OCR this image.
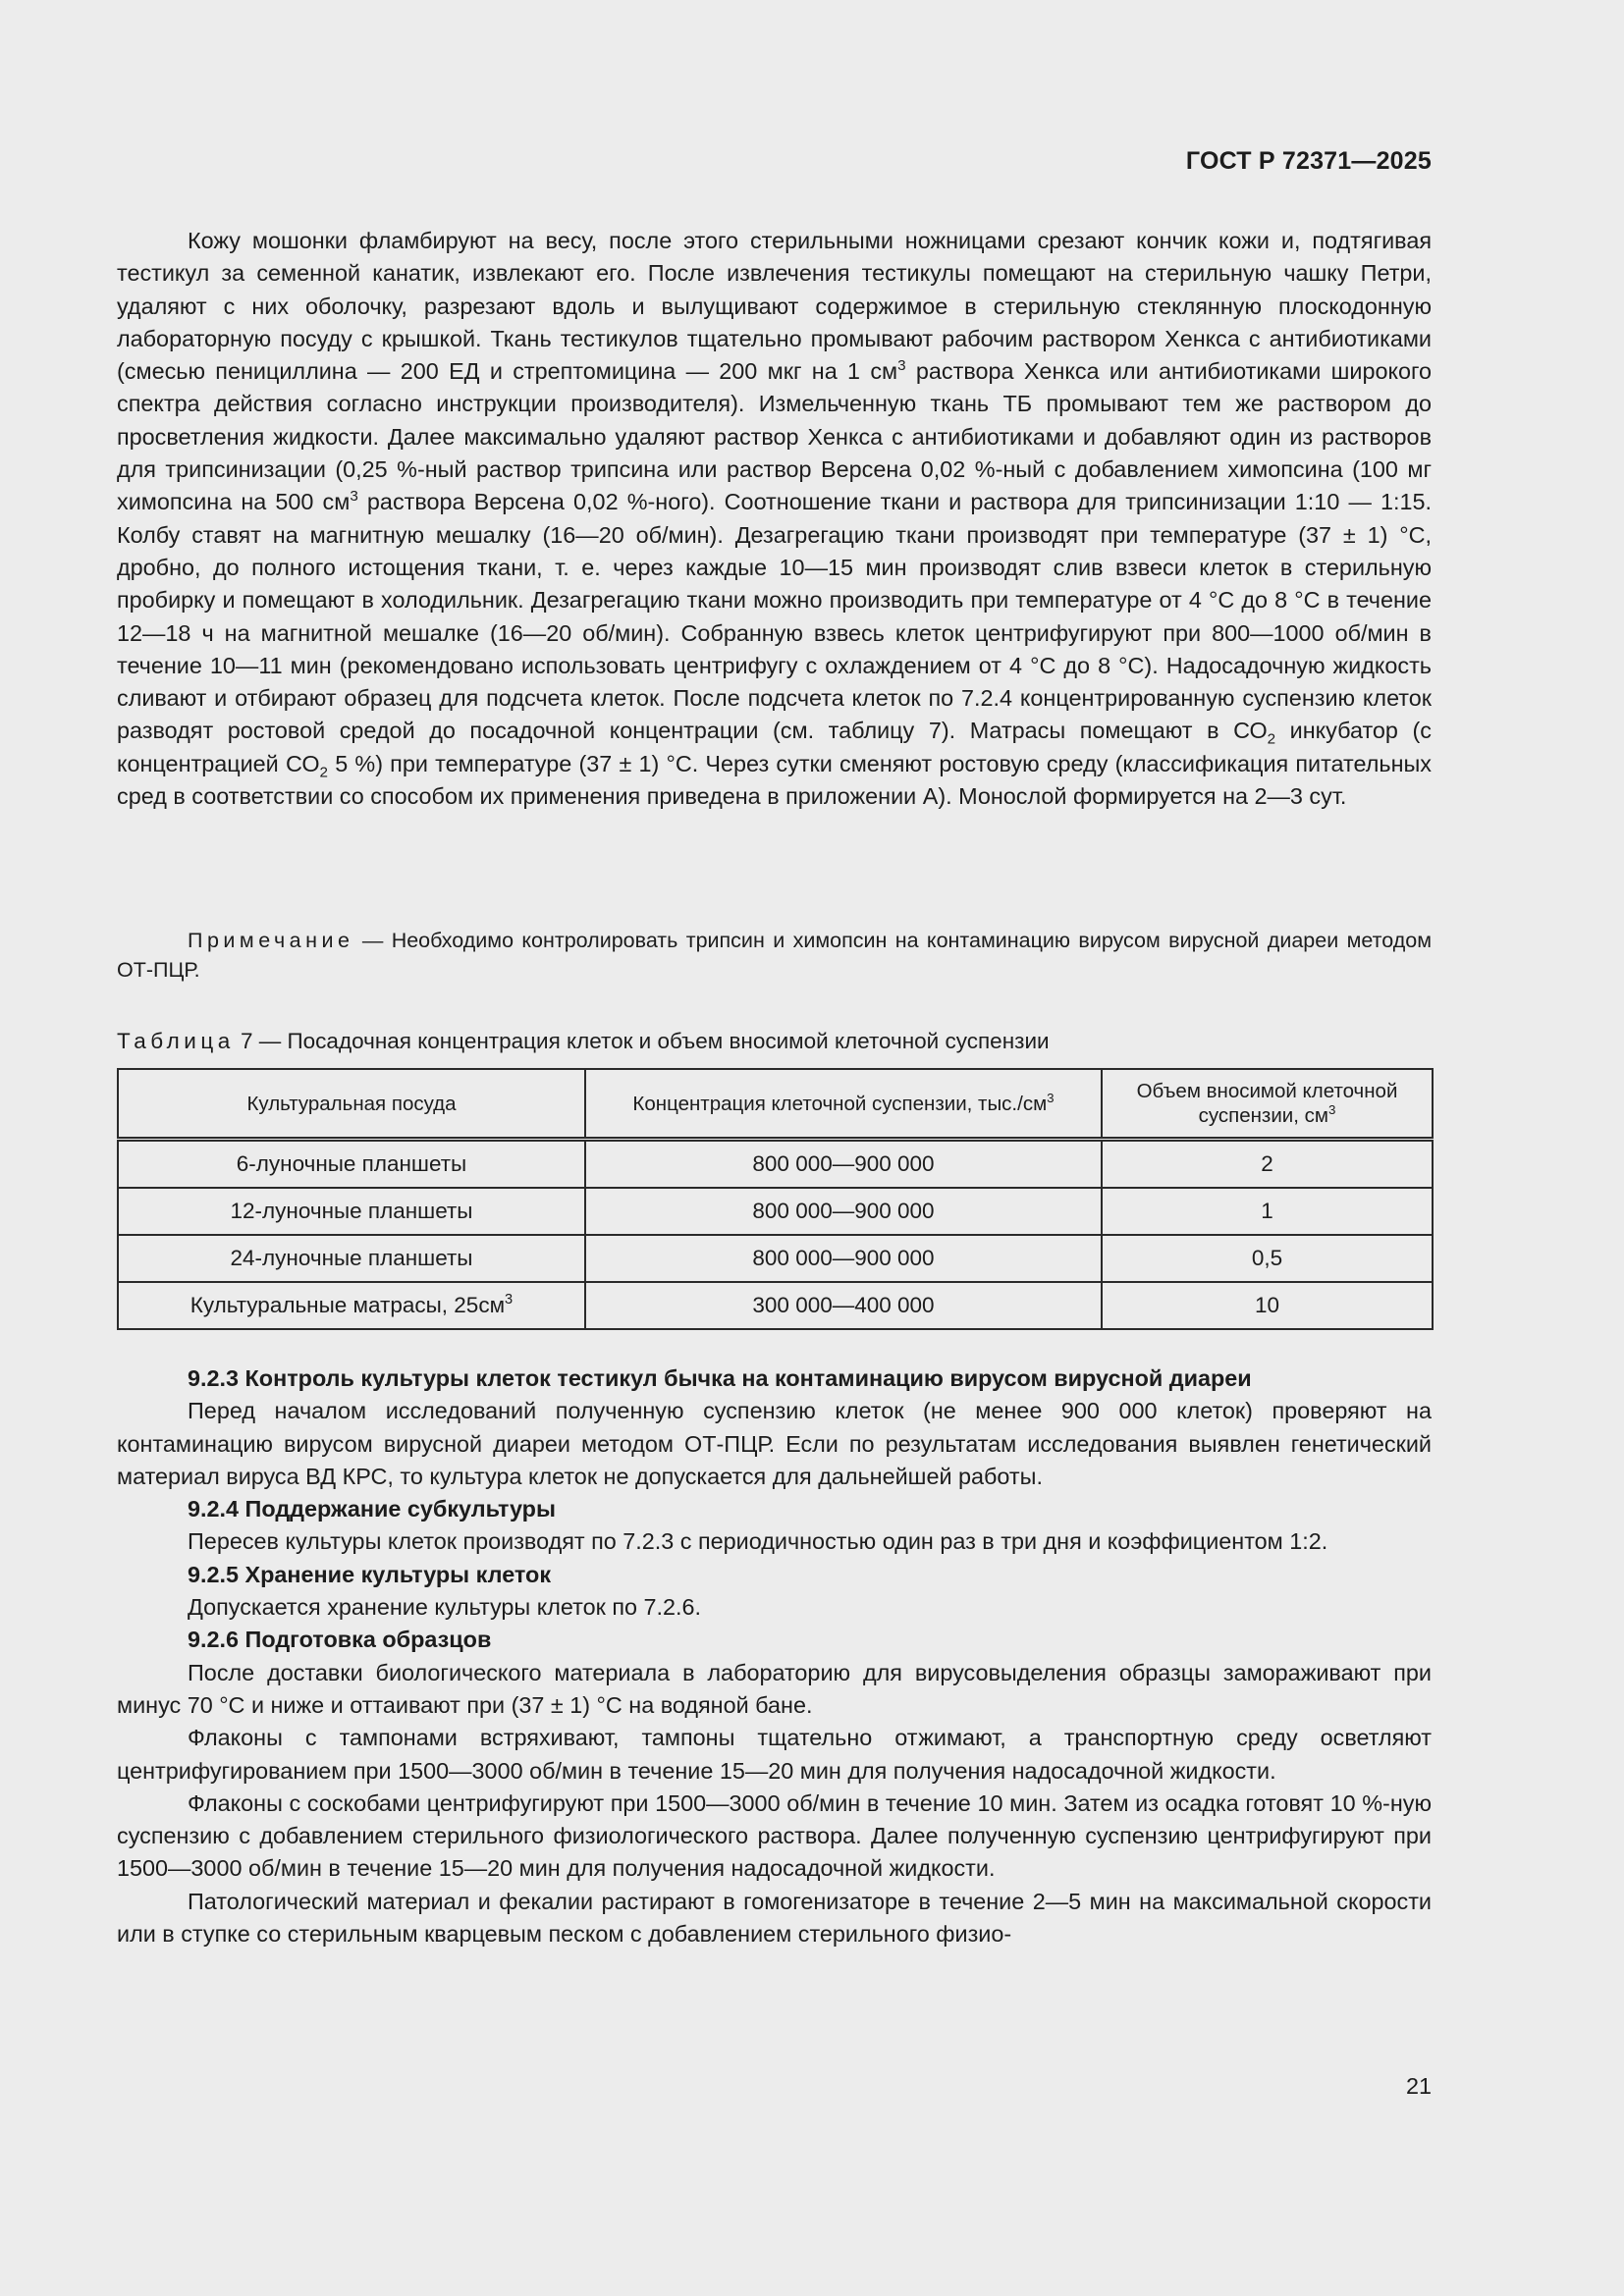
ГОСТ Р 72371—2025

Кожу мошонки фламбируют на весу, после этого стерильными ножницами срезают кончик кожи и, подтягивая тестикул за семенной канатик, извлекают его. После извлечения тестикулы помещают на стерильную чашку Петри, удаляют с них оболочку, разрезают вдоль и вылущивают содержимое в стерильную стеклянную плоскодонную лабораторную посуду с крышкой. Ткань тестикулов тщательно промывают рабочим раствором Хенкса с антибиотиками (смесью пенициллина — 200 ЕД и стрептомицина — 200 мкг на 1 $см^3$ раствора Хенкса или антибиотиками широкого спектра действия согласно инструкции производителя). Измельченную ткань ТБ промывают тем же раствором до просветления жидкости. Далее максимально удаляют раствор Хенкса с антибиотиками и добавляют один из растворов для трипсинизации (0,25 %-ный раствор трипсина или раствор Версена 0,02 %-ный с добавлением химопсина (100 мг химопсина на 500 $см^3$ раствора Версена 0,02 %-ного). Соотношение ткани и раствора для трипсинизации 1:10 — 1:15. Колбу ставят на магнитную мешалку (16—20 об/мин). Дезагрегацию ткани производят при температуре (37 ± 1) °С, дробно, до полного истощения ткани, т. е. через каждые 10—15 мин производят слив взвеси клеток в стерильную пробирку и помещают в холодильник. Дезагрегацию ткани можно производить при температуре от 4 °С до 8 °С в течение 12—18 ч на магнитной мешалке (16—20 об/мин). Собранную взвесь клеток центрифугируют при 800—1000 об/мин в течение 10—11 мин (рекомендовано использовать центрифугу с охлаждением от 4 °С до 8 °С). Надосадочную жидкость сливают и отбирают образец для подсчета клеток. После подсчета клеток по 7.2.4 концентрированную суспензию клеток разводят ростовой средой до посадочной концентрации (см. таблицу 7). Матрасы помещают в $СО_2$ инкубатор (с концентрацией $СО_2$ 5 %) при температуре (37 ± 1) °С. Через сутки сменяют ростовую среду (классификация питательных сред в соответствии со способом их применения приведена в приложении А). Монослой формируется на 2—3 сут.

Примечание — Необходимо контролировать трипсин и химопсин на контаминацию вирусом вирусной диареи методом ОТ-ПЦР.

Таблица 7 — Посадочная концентрация клеток и объем вносимой клеточной суспензии
Культуральная посуда	Концентрация клеточной суспензии, $тыс./см^3$	Объем вносимой клеточной суспензии, $см^3$
6-луночные планшеты	800 000—900 000	2
12-луночные планшеты	800 000—900 000	1
24-луночные планшеты	800 000—900 000	0,5
Культуральные матрасы, $25см^3$	300 000—400 000	10

9.2.3 Контроль культуры клеток тестикул бычка на контаминацию вирусом вирусной диареи

Перед началом исследований полученную суспензию клеток (не менее 900 000 клеток) проверяют на контаминацию вирусом вирусной диареи методом ОТ-ПЦР. Если по результатам исследования выявлен генетический материал вируса ВД КРС, то культура клеток не допускается для дальнейшей работы.

9.2.4 Поддержание субкультуры

Пересев культуры клеток производят по 7.2.3 с периодичностью один раз в три дня и коэффициентом 1:2.

9.2.5 Хранение культуры клеток

Допускается хранение культуры клеток по 7.2.6.

9.2.6 Подготовка образцов

После доставки биологического материала в лабораторию для вирусовыделения образцы замораживают при минус 70 °С и ниже и оттаивают при (37 ± 1) °С на водяной бане.

Флаконы с тампонами встряхивают, тампоны тщательно отжимают, а транспортную среду осветляют центрифугированием при 1500—3000 об/мин в течение 15—20 мин для получения надосадочной жидкости.

Флаконы с соскобами центрифугируют при 1500—3000 об/мин в течение 10 мин. Затем из осадка готовят 10 %-ную суспензию с добавлением стерильного физиологического раствора. Далее полученную суспензию центрифугируют при 1500—3000 об/мин в течение 15—20 мин для получения надосадочной жидкости.

Патологический материал и фекалии растирают в гомогенизаторе в течение 2—5 мин на максимальной скорости или в ступке со стерильным кварцевым песком с добавлением стерильного физио-

21
